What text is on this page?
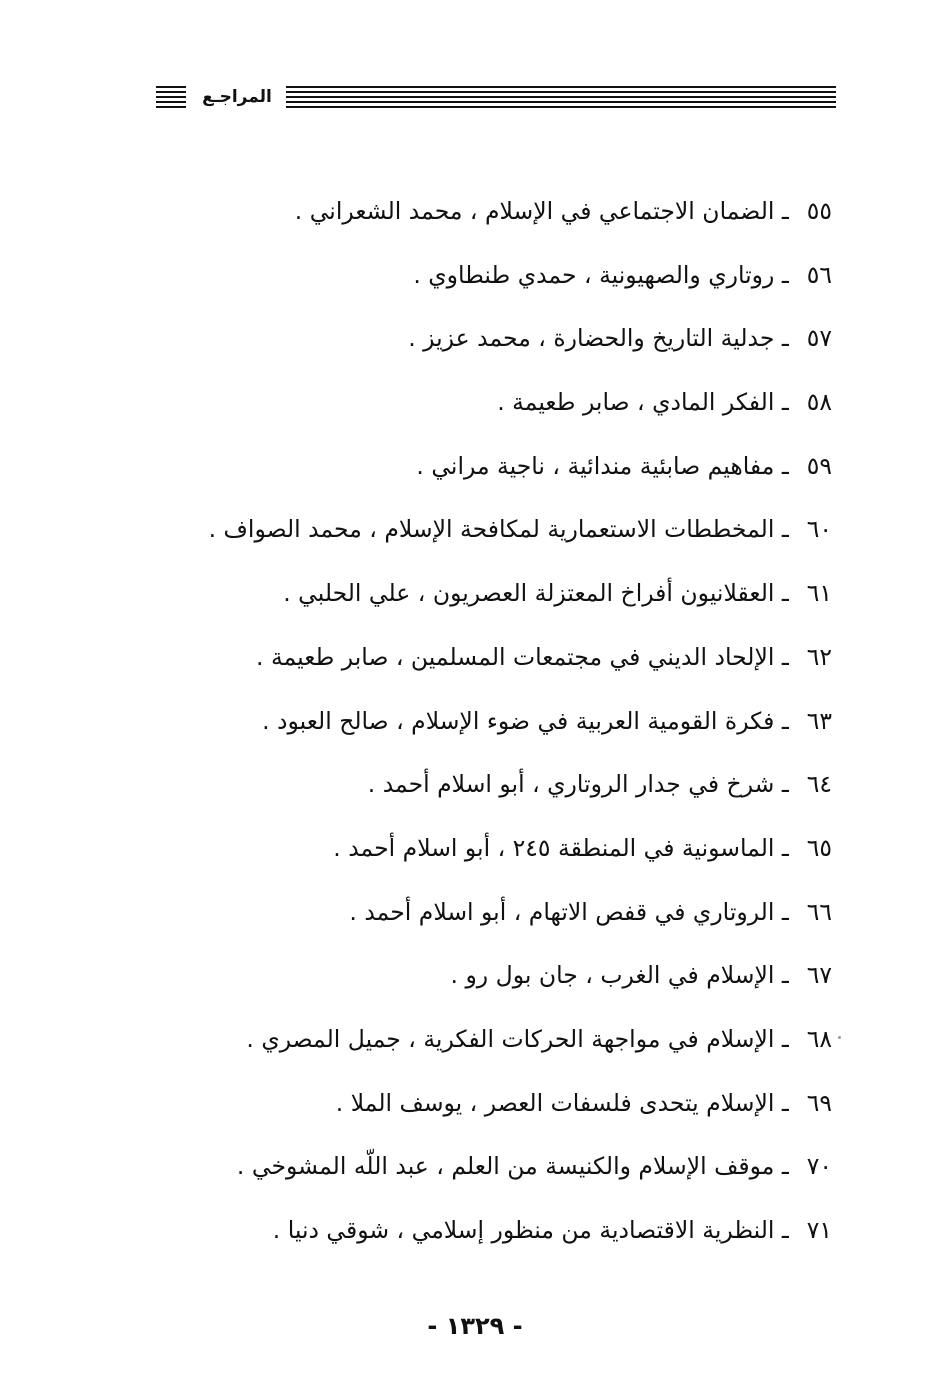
المراجـع
٥٥ـ الضمان الاجتماعي في الإسلام ، محمد الشعراني .
٥٦ـ روتاري والصهيونية ، حمدي طنطاوي .
٥٧ـ جدلية التاريخ والحضارة ، محمد عزيز .
٥٨ـ الفكر المادي ، صابر طعيمة .
٥٩ـ مفاهيم صابئية مندائية ، ناجية مراني .
٦٠ـ المخططات الاستعمارية لمكافحة الإسلام ، محمد الصواف .
٦١ـ العقلانيون أفراخ المعتزلة العصريون ، علي الحلبي .
٦٢ـ الإلحاد الديني في مجتمعات المسلمين ، صابر طعيمة .
٦٣ـ فكرة القومية العربية في ضوء الإسلام ، صالح العبود .
٦٤ـ شرخ في جدار الروتاري ، أبو اسلام أحمد .
٦٥ـ الماسونية في المنطقة ٢٤٥ ، أبو اسلام أحمد .
٦٦ـ الروتاري في قفص الاتهام ، أبو اسلام أحمد .
٦٧ـ الإسلام في الغرب ، جان بول رو .
٦٨ـ الإسلام في مواجهة الحركات الفكرية ، جميل المصري .
٦٩ـ الإسلام يتحدى فلسفات العصر ، يوسف الملا .
٧٠ـ موقف الإسلام والكنيسة من العلم ، عبد اللّه المشوخي .
٧١ـ النظرية الاقتصادية من منظور إسلامي ، شوقي دنيا .
- ١٣٢٩ -
